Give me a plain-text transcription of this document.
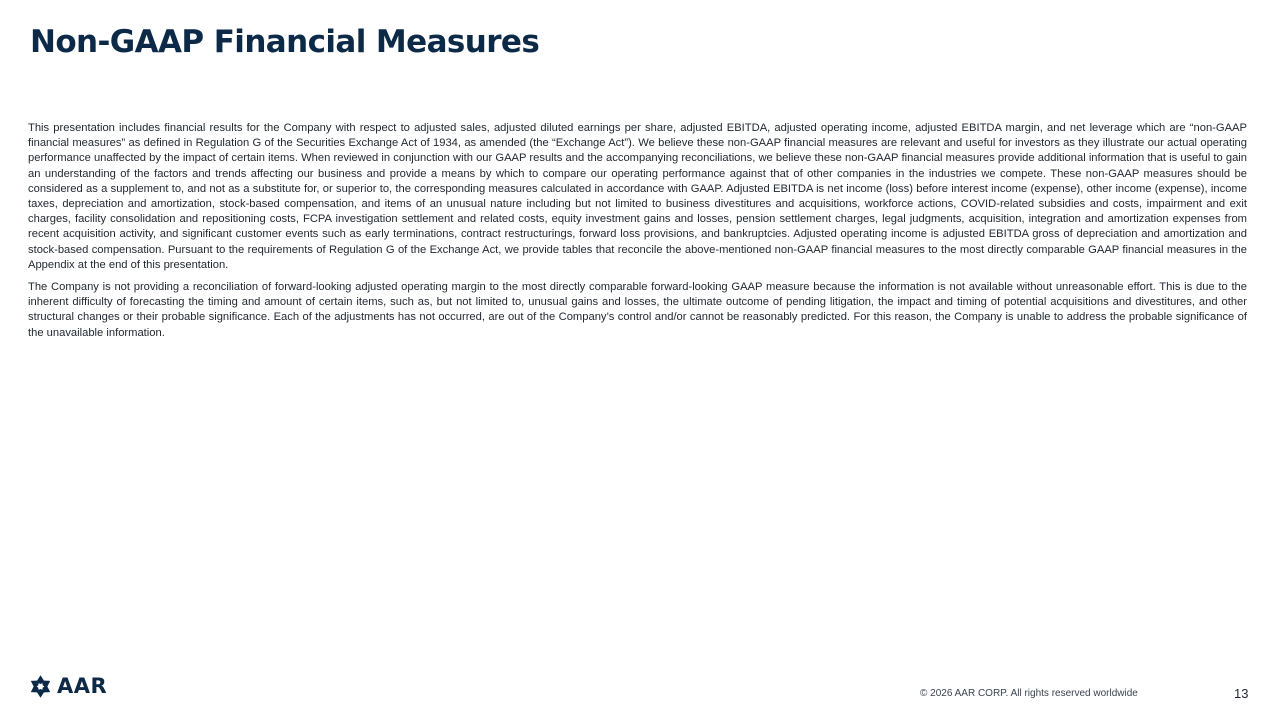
Non-GAAP Financial Measures

This presentation includes financial results for the Company with respect to adjusted sales, adjusted diluted earnings per share, adjusted EBITDA, adjusted operating income, adjusted EBITDA margin, and net leverage which are “non-GAAP financial measures” as defined in Regulation G of the Securities Exchange Act of 1934, as amended (the “Exchange Act”). We believe these non-GAAP financial measures are relevant and useful for investors as they illustrate our actual operating performance unaffected by the impact of certain items. When reviewed in conjunction with our GAAP results and the accompanying reconciliations, we believe these non-GAAP financial measures provide additional information that is useful to gain an understanding of the factors and trends affecting our business and provide a means by which to compare our operating performance against that of other companies in the industries we compete. These non-GAAP measures should be considered as a supplement to, and not as a substitute for, or superior to, the corresponding measures calculated in accordance with GAAP. Adjusted EBITDA is net income (loss) before interest income (expense), other income (expense), income taxes, depreciation and amortization, stock-based compensation, and items of an unusual nature including but not limited to business divestitures and acquisitions, workforce actions, COVID-related subsidies and costs, impairment and exit charges, facility consolidation and repositioning costs, FCPA investigation settlement and related costs, equity investment gains and losses, pension settlement charges, legal judgments, acquisition, integration and amortization expenses from recent acquisition activity, and significant customer events such as early terminations, contract restructurings, forward loss provisions, and bankruptcies. Adjusted operating income is adjusted EBITDA gross of depreciation and amortization and stock-based compensation. Pursuant to the requirements of Regulation G of the Exchange Act, we provide tables that reconcile the above-mentioned non-GAAP financial measures to the most directly comparable GAAP financial measures in the Appendix at the end of this presentation.

The Company is not providing a reconciliation of forward-looking adjusted operating margin to the most directly comparable forward-looking GAAP measure because the information is not available without unreasonable effort. This is due to the inherent difficulty of forecasting the timing and amount of certain items, such as, but not limited to, unusual gains and losses, the ultimate outcome of pending litigation, the impact and timing of potential acquisitions and divestitures, and other structural changes or their probable significance. Each of the adjustments has not occurred, are out of the Company’s control and/or cannot be reasonably predicted. For this reason, the Company is unable to address the probable significance of the unavailable information.

AAR	© 2026 AAR CORP. All rights reserved worldwide	13
